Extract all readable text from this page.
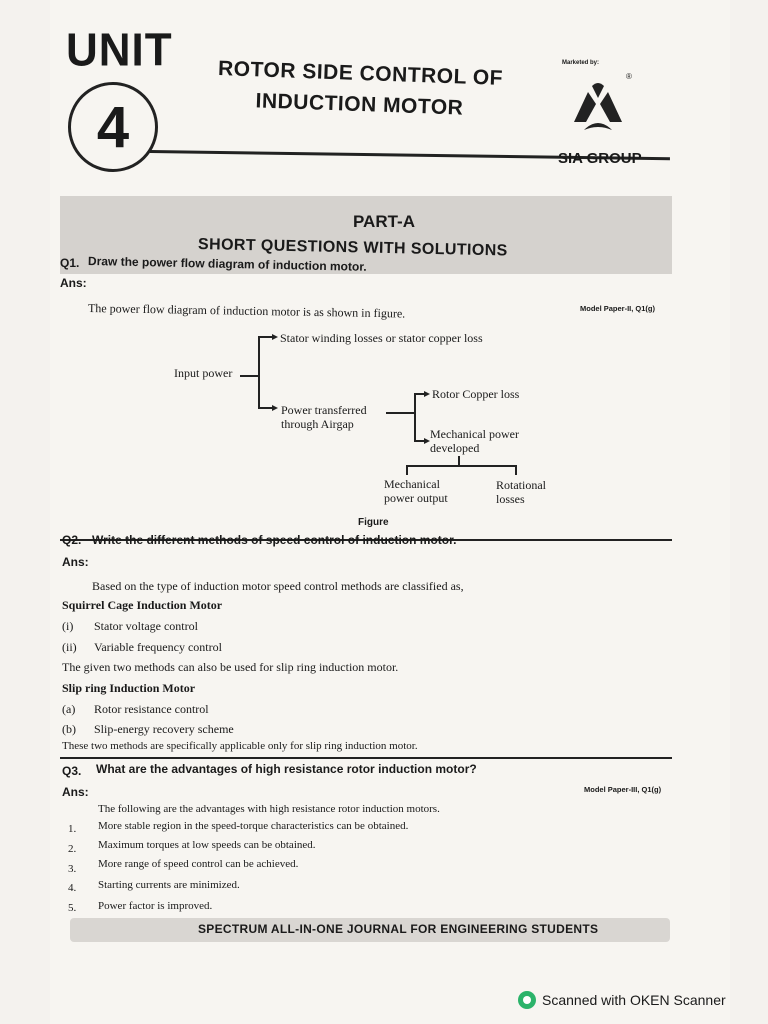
UNIT
4
ROTOR SIDE CONTROL OF
INDUCTION MOTOR
Marketed by:
®
SIA GROUP
PART-A
SHORT QUESTIONS WITH SOLUTIONS
Q1. Draw the power flow diagram of induction motor.
Ans:
Model Paper-II, Q1(g)
The power flow diagram of induction motor is as shown in figure.
Input power
Stator winding losses or stator copper loss
Power transferred
through Airgap
Rotor Copper loss
Mechanical power
developed
Mechanical
power output
Rotational
losses
Figure
Q2. Write the different methods of speed control of induction motor.
Ans:
Based on the type of induction motor speed control methods are classified as,
Squirrel Cage Induction Motor
(i) Stator voltage control
(ii) Variable frequency control
The given two methods can also be used for slip ring induction motor.
Slip ring Induction Motor
(a) Rotor resistance control
(b) Slip-energy recovery scheme
These two methods are specifically applicable only for slip ring induction motor.
Q3. What are the advantages of high resistance rotor induction motor?
Ans:	Model Paper-III, Q1(g)
The following are the advantages with high resistance rotor induction motors.
1. More stable region in the speed-torque characteristics can be obtained.
2. Maximum torques at low speeds can be obtained.
3. More range of speed control can be achieved.
4. Starting currents are minimized.
5. Power factor is improved.
SPECTRUM ALL-IN-ONE JOURNAL FOR ENGINEERING STUDENTS
Scanned with OKEN Scanner
